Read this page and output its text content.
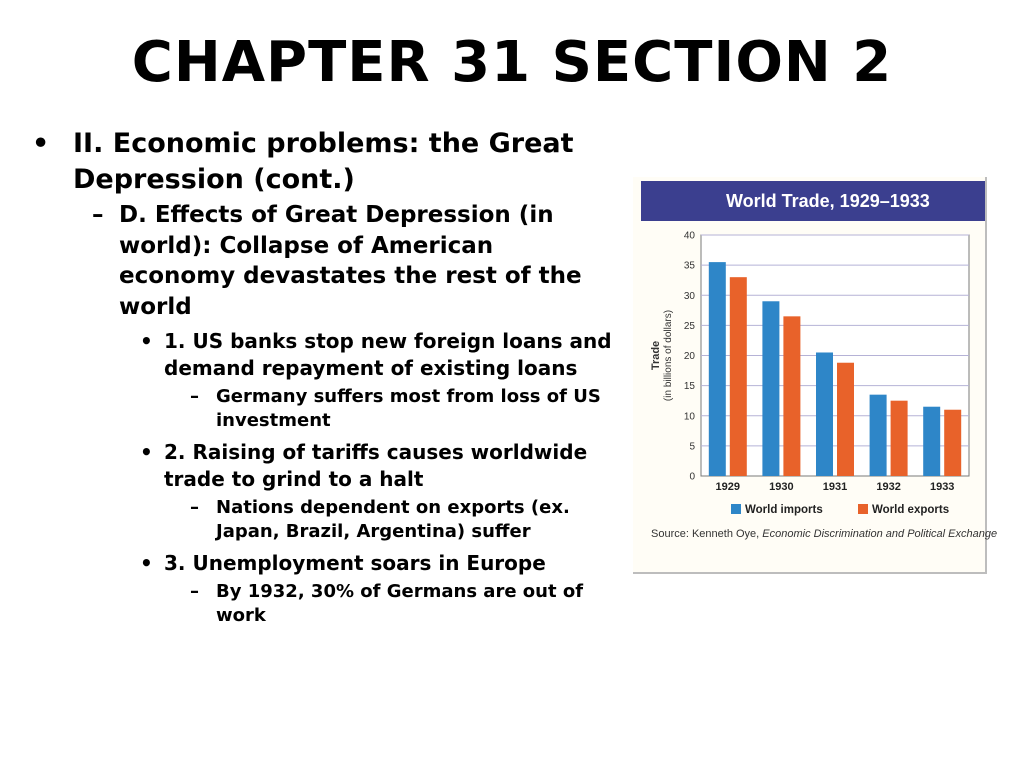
CHAPTER 31 SECTION 2
• II. Economic problems: the Great Depression (cont.)
– D. Effects of Great Depression (in world): Collapse of American economy devastates the rest of the world
• 1. US banks stop new foreign loans and demand repayment of existing loans
– Germany suffers most from loss of US investment
• 2. Raising of tariffs causes worldwide trade to grind to a halt
– Nations dependent on exports (ex. Japan, Brazil, Argentina) suffer
• 3. Unemployment soars in Europe
– By 1932, 30% of Germans are out of work
World Trade, 1929–1933
0
5
10
15
20
25
30
35
40
Trade (in billions of dollars)
1929	1930	1931	1932	1933
World imports	World exports
Source: Kenneth Oye, Economic Discrimination and Political Exchange
